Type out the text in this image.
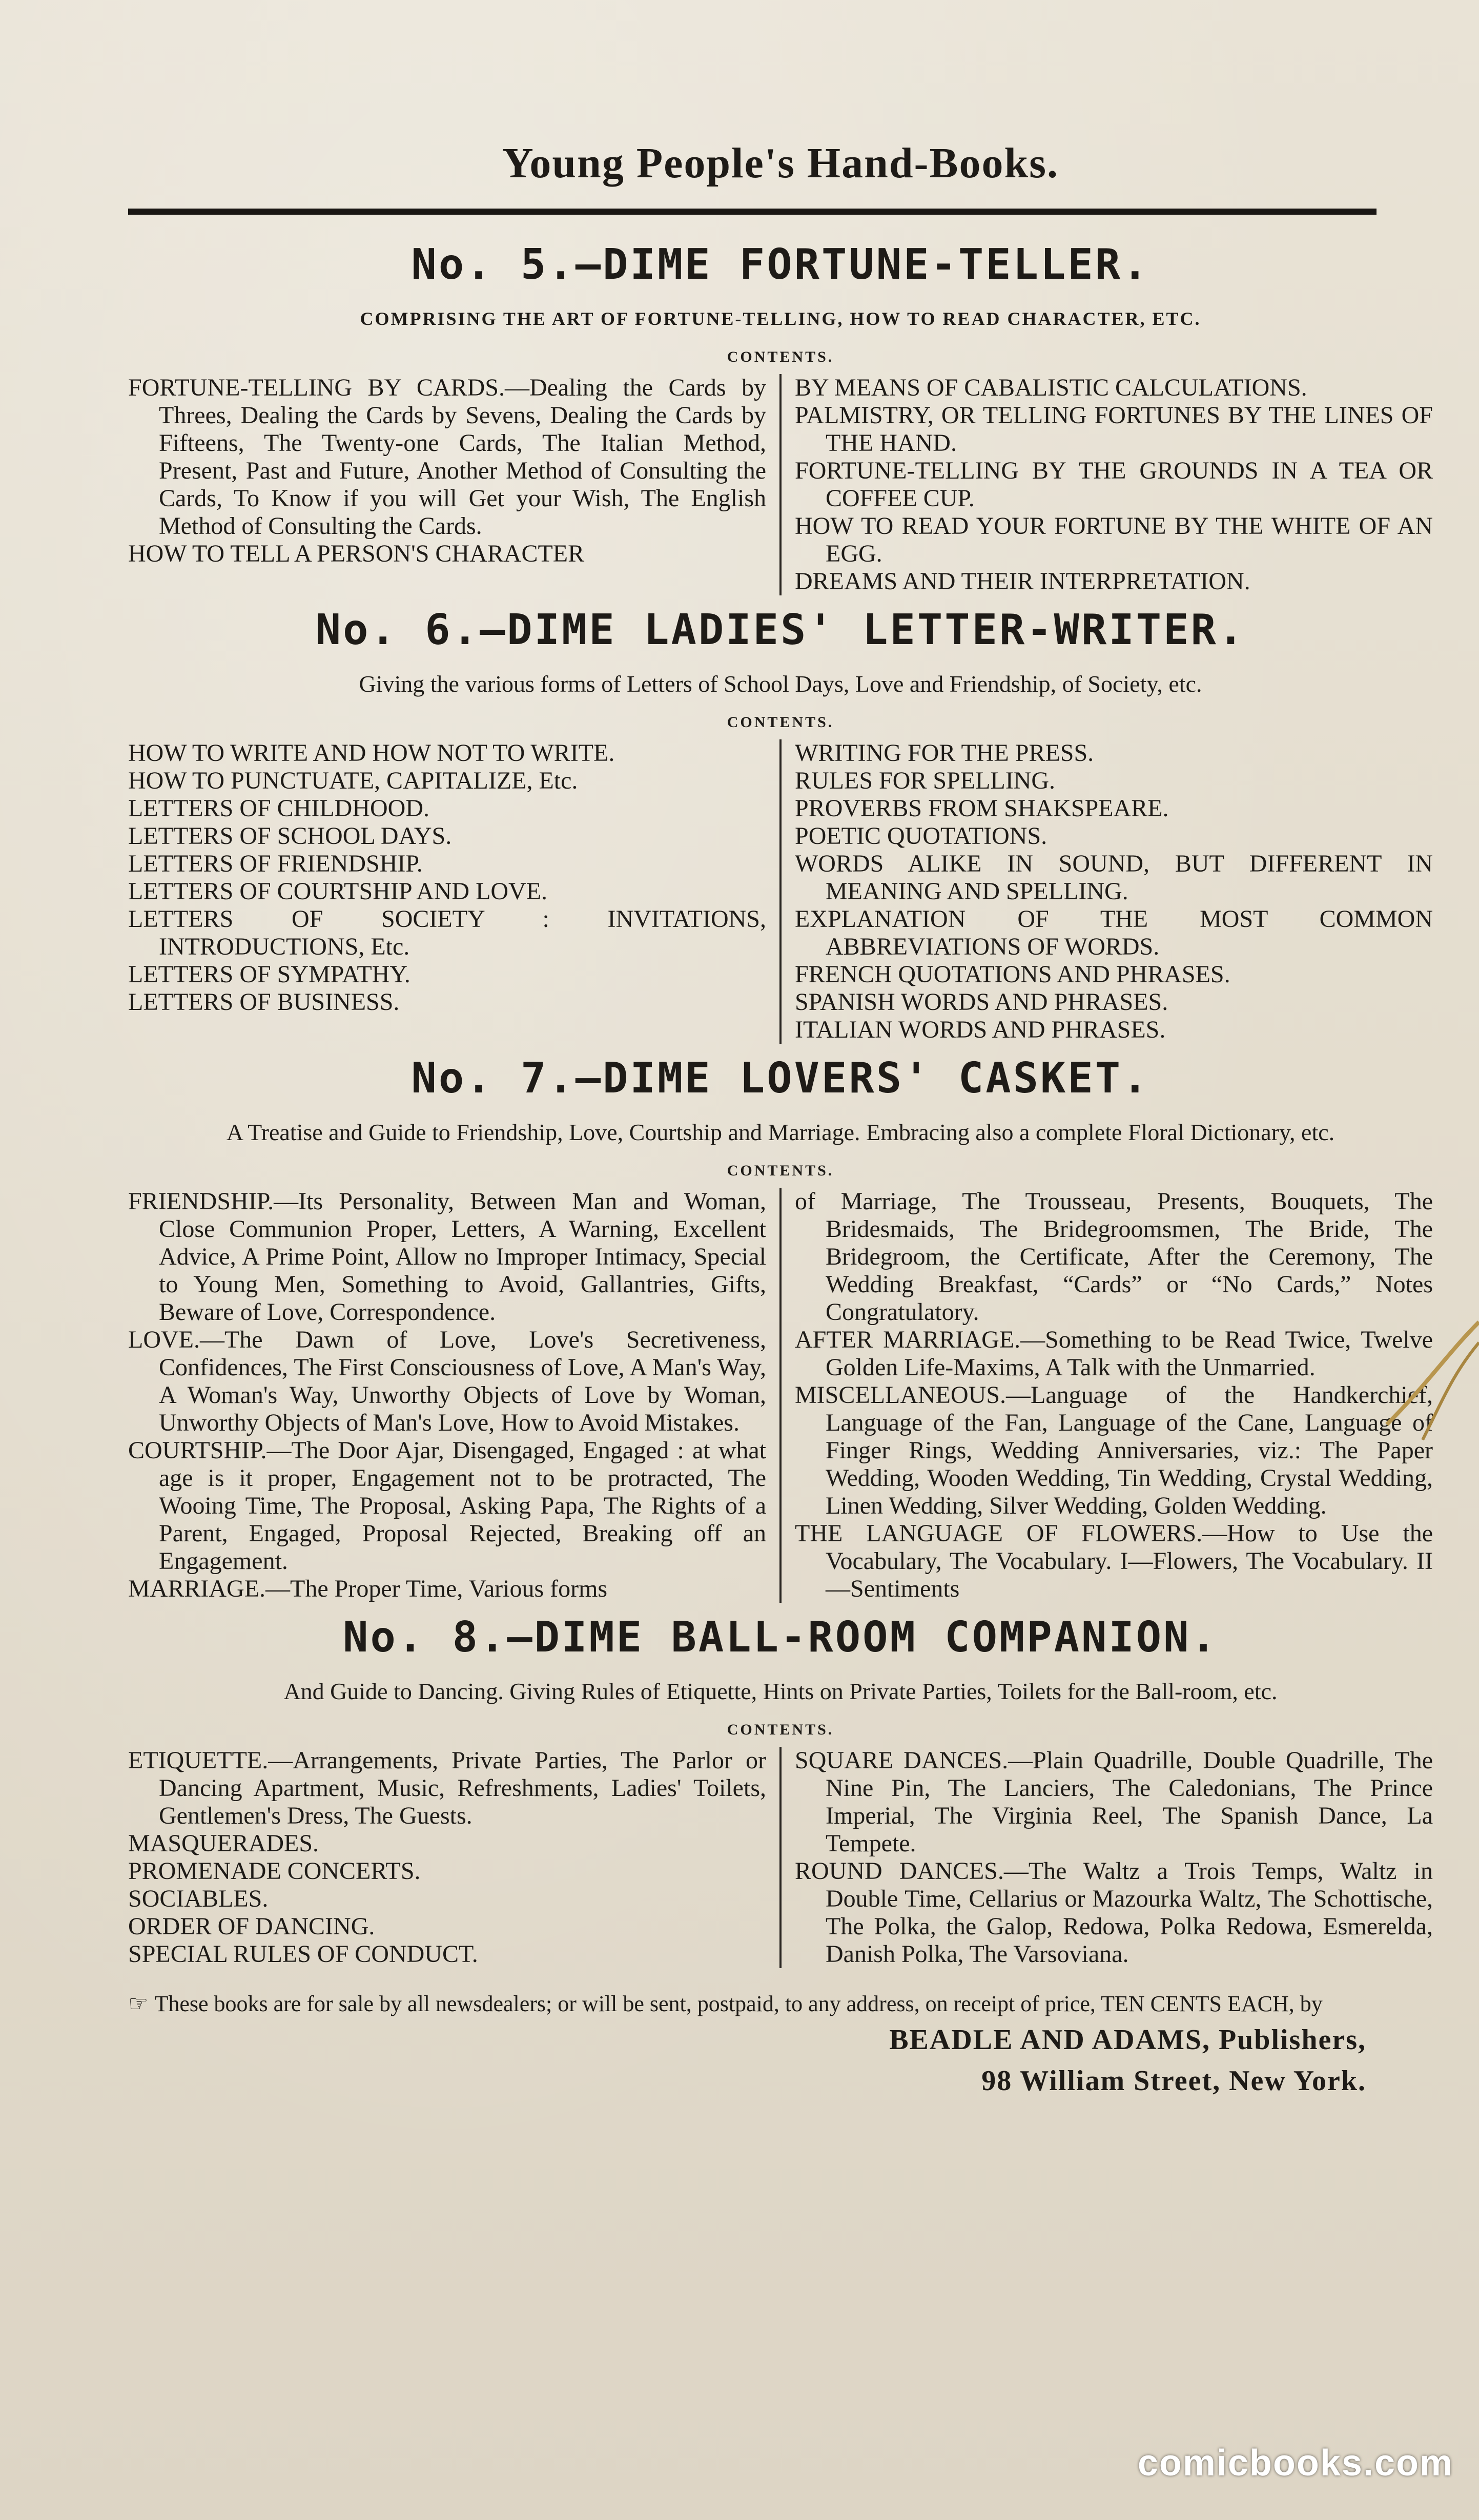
Young People's Hand-Books.
No. 5.—DIME FORTUNE-TELLER.
COMPRISING THE ART OF FORTUNE-TELLING, HOW TO READ CHARACTER, ETC.
CONTENTS.

FORTUNE-TELLING BY CARDS.—Dealing the Cards by Threes, Dealing the Cards by Sevens, Dealing the Cards by Fifteens, The Twenty-one Cards, The Italian Method, Present, Past and Future, Another Method of Consulting the Cards, To Know if you will Get your Wish, The English Method of Consulting the Cards.

HOW TO TELL A PERSON'S CHARACTER

BY MEANS OF CABALISTIC CALCULATIONS.

PALMISTRY, OR TELLING FORTUNES BY THE LINES OF THE HAND.

FORTUNE-TELLING BY THE GROUNDS IN A TEA OR COFFEE CUP.

HOW TO READ YOUR FORTUNE BY THE WHITE OF AN EGG.

DREAMS AND THEIR INTERPRETATION.

No. 6.—DIME LADIES' LETTER-WRITER.
Giving the various forms of Letters of School Days, Love and Friendship, of Society, etc.
CONTENTS.

HOW TO WRITE AND HOW NOT TO WRITE.

HOW TO PUNCTUATE, CAPITALIZE, Etc.

LETTERS OF CHILDHOOD.

LETTERS OF SCHOOL DAYS.

LETTERS OF FRIENDSHIP.

LETTERS OF COURTSHIP AND LOVE.

LETTERS OF SOCIETY : INVITATIONS, INTRODUCTIONS, Etc.

LETTERS OF SYMPATHY.

LETTERS OF BUSINESS.

WRITING FOR THE PRESS.

RULES FOR SPELLING.

PROVERBS FROM SHAKSPEARE.

POETIC QUOTATIONS.

WORDS ALIKE IN SOUND, BUT DIFFERENT IN MEANING AND SPELLING.

EXPLANATION OF THE MOST COMMON ABBREVIATIONS OF WORDS.

FRENCH QUOTATIONS AND PHRASES.

SPANISH WORDS AND PHRASES.

ITALIAN WORDS AND PHRASES.

No. 7.—DIME LOVERS' CASKET.
A Treatise and Guide to Friendship, Love, Courtship and Marriage. Embracing also a complete Floral Dictionary, etc.
CONTENTS.

FRIENDSHIP.—Its Personality, Between Man and Woman, Close Communion Proper, Letters, A Warning, Excellent Advice, A Prime Point, Allow no Improper Intimacy, Special to Young Men, Something to Avoid, Gallantries, Gifts, Beware of Love, Correspondence.

LOVE.—The Dawn of Love, Love's Secretiveness, Confidences, The First Consciousness of Love, A Man's Way, A Woman's Way, Unworthy Objects of Love by Woman, Unworthy Objects of Man's Love, How to Avoid Mistakes.

COURTSHIP.—The Door Ajar, Disengaged, Engaged : at what age is it proper, Engagement not to be protracted, The Wooing Time, The Proposal, Asking Papa, The Rights of a Parent, Engaged, Proposal Rejected, Breaking off an Engagement.

MARRIAGE.—The Proper Time, Various forms

of Marriage, The Trousseau, Presents, Bouquets, The Bridesmaids, The Bridegroomsmen, The Bride, The Bridegroom, the Certificate, After the Ceremony, The Wedding Breakfast, “Cards” or “No Cards,” Notes Congratulatory.

AFTER MARRIAGE.—Something to be Read Twice, Twelve Golden Life-Maxims, A Talk with the Unmarried.

MISCELLANEOUS.—Language of the Handkerchief, Language of the Fan, Language of the Cane, Language of Finger Rings, Wedding Anniversaries, viz.: The Paper Wedding, Wooden Wedding, Tin Wedding, Crystal Wedding, Linen Wedding, Silver Wedding, Golden Wedding.

THE LANGUAGE OF FLOWERS.—How to Use the Vocabulary, The Vocabulary. I—Flowers, The Vocabulary. II—Sentiments

No. 8.—DIME BALL-ROOM COMPANION.
And Guide to Dancing. Giving Rules of Etiquette, Hints on Private Parties, Toilets for the Ball-room, etc.
CONTENTS.

ETIQUETTE.—Arrangements, Private Parties, The Parlor or Dancing Apartment, Music, Refreshments, Ladies' Toilets, Gentlemen's Dress, The Guests.

MASQUERADES.

PROMENADE CONCERTS.

SOCIABLES.

ORDER OF DANCING.

SPECIAL RULES OF CONDUCT.

SQUARE DANCES.—Plain Quadrille, Double Quadrille, The Nine Pin, The Lanciers, The Caledonians, The Prince Imperial, The Virginia Reel, The Spanish Dance, La Tempete.

ROUND DANCES.—The Waltz a Trois Temps, Waltz in Double Time, Cellarius or Mazourka Waltz, The Schottische, The Polka, the Galop, Redowa, Polka Redowa, Esmerelda, Danish Polka, The Varsoviana.

☞ These books are for sale by all newsdealers; or will be sent, postpaid, to any address, on receipt of price, TEN CENTS EACH, by
BEADLE AND ADAMS, Publishers,
98 William Street, New York.
comicbooks.com
